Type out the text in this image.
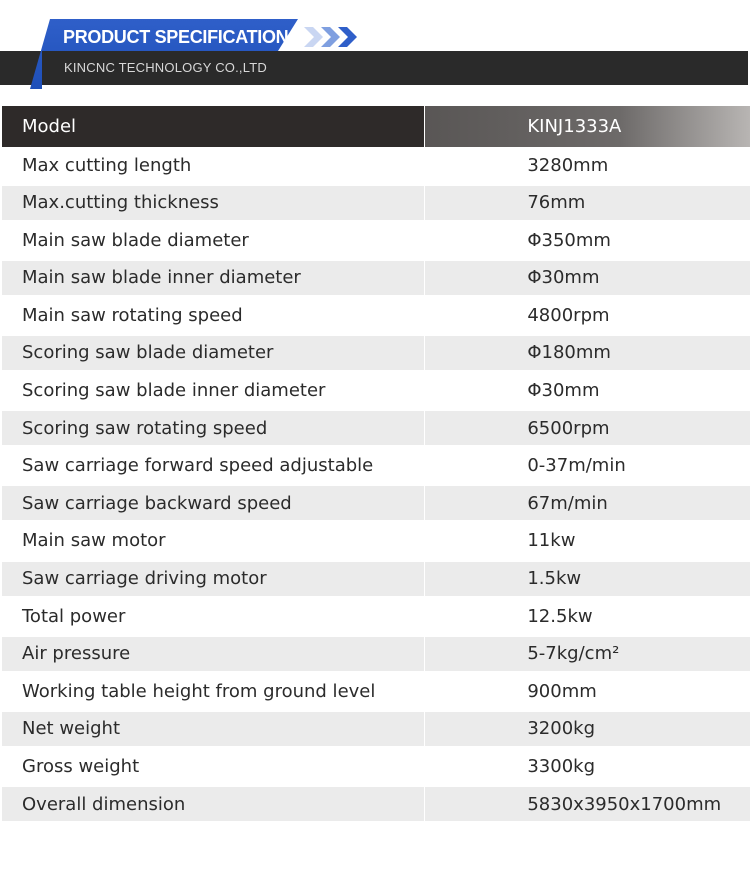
PRODUCT SPECIFICATION
KINCNC TECHNOLOGY CO.,LTD
Model	KINJ1333A
Max cutting length	3280mm
Max.cutting thickness	76mm
Main saw blade diameter	Φ350mm
Main saw blade inner diameter	Φ30mm
Main saw rotating speed	4800rpm
Scoring saw blade diameter	Φ180mm
Scoring saw blade inner diameter	Φ30mm
Scoring saw rotating speed	6500rpm
Saw carriage forward speed adjustable	0-37m/min
Saw carriage backward speed	67m/min
Main saw motor	11kw
Saw carriage driving motor	1.5kw
Total power	12.5kw
Air pressure	5-7kg/cm²
Working table height from ground level	900mm
Net weight	3200kg
Gross weight	3300kg
Overall dimension	5830x3950x1700mm
